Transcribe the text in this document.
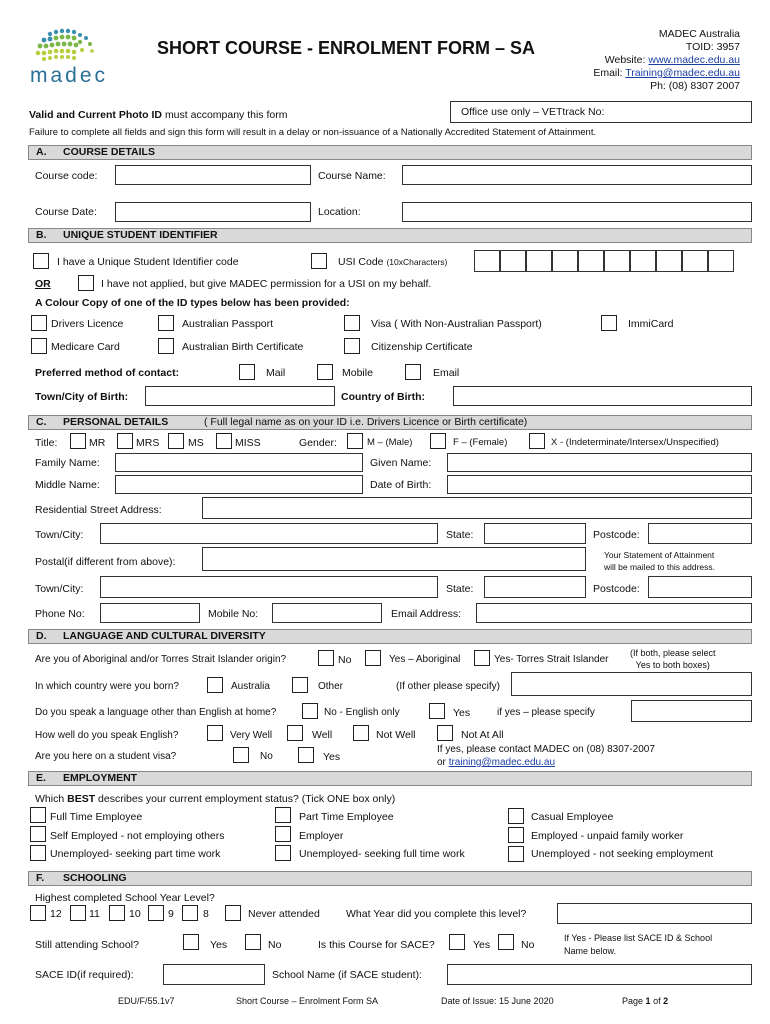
madec
SHORT COURSE - ENROLMENT FORM – SA
MADEC Australia
TOID: 3957
Website: www.madec.edu.au
Email: Training@madec.edu.au
Ph: (08) 8307 2007
Valid and Current Photo ID must accompany this form	Office use only – VETtrack No:
Failure to complete all fields and sign this form will result in a delay or non-issuance of a Nationally Accredited Statement of Attainment.
A. COURSE DETAILS
Course code:	Course Name:
Course Date:	Location:
B. UNIQUE STUDENT IDENTIFIER
I have a Unique Student Identifier code	USI Code (10xCharacters)
OR	I have not applied, but give MADEC permission for a USI on my behalf.
A Colour Copy of one of the ID types below has been provided:
Drivers Licence	Australian Passport	Visa ( With Non-Australian Passport)	ImmiCard
Medicare Card	Australian Birth Certificate	Citizenship Certificate
Preferred method of contact:	Mail	Mobile	Email
Town/City of Birth:	Country of Birth:
C. PERSONAL DETAILS	( Full legal name as on your ID i.e. Drivers Licence or Birth certificate)
Title:	MR	MRS	MS	MISS	Gender:	M – (Male)	F – (Female)	X - (Indeterminate/Intersex/Unspecified)
Family Name:	Given Name:
Middle Name:	Date of Birth:
Residential Street Address:
Town/City:	State:	Postcode:
Postal(if different from above):
Your Statement of Attainment
will be mailed to this address.
Town/City:	State:	Postcode:
Phone No:	Mobile No:	Email Address:
D. LANGUAGE AND CULTURAL DIVERSITY
Are you of Aboriginal and/or Torres Strait Islander origin?	No	Yes – Aboriginal	Yes- Torres Strait Islander
(If both, please select
Yes to both boxes)
In which country were you born?	Australia	Other	(If other please specify)
Do you speak a language other than English at home?	No - English only	Yes	if yes – please specify
How well do you speak English?	Very Well	Well	Not Well	Not At All
Are you here on a student visa?	No	Yes
If yes, please contact MADEC on (08) 8307-2007
or training@madec.edu.au
E. EMPLOYMENT
Which BEST describes your current employment status? (Tick ONE box only)
Full Time Employee	Part Time Employee	Casual Employee
Self Employed - not employing others	Employer	Employed - unpaid family worker
Unemployed- seeking part time work	Unemployed- seeking full time work	Unemployed - not seeking employment
F. SCHOOLING
Highest completed School Year Level?
12	11	10	9	8	Never attended What Year did you complete this level?
Still attending School?	Yes	No	Is this Course for SACE?	Yes	No
If Yes - Please list SACE ID & School
Name below.
SACE ID(if required):	School Name (if SACE student):
EDU/F/55.1v7	Short Course – Enrolment Form SA	Date of Issue: 15 June 2020	Page 1 of 2
